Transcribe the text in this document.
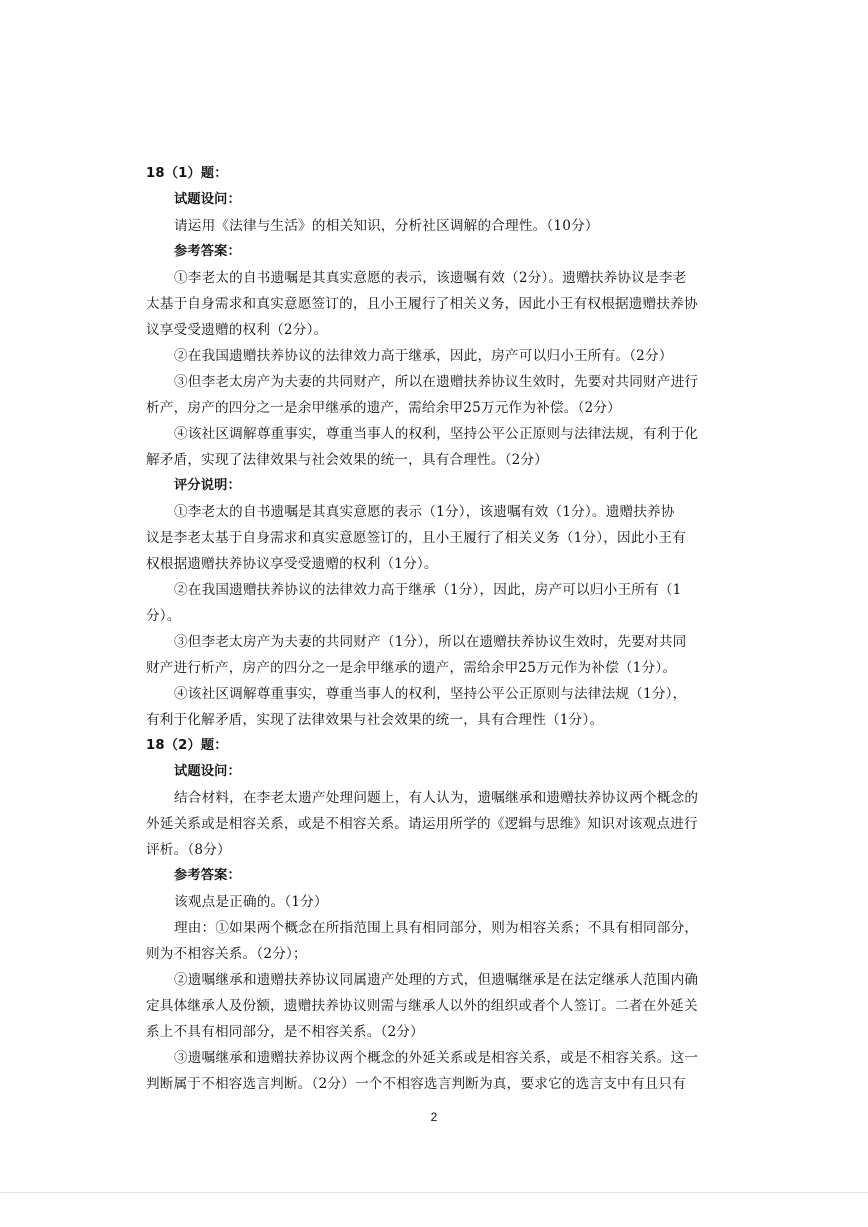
18（1）题：
试题设问：
请运用《法律与生活》的相关知识，分析社区调解的合理性。（10分）
参考答案：
①李老太的自书遗嘱是其真实意愿的表示，该遗嘱有效（2分）。遗赠扶养协议是李老
太基于自身需求和真实意愿签订的，且小王履行了相关义务，因此小王有权根据遗赠扶养协
议享受受遗赠的权利（2分）。
②在我国遗赠扶养协议的法律效力高于继承，因此，房产可以归小王所有。（2分）
③但李老太房产为夫妻的共同财产，所以在遗赠扶养协议生效时，先要对共同财产进行
析产，房产的四分之一是余甲继承的遗产，需给余甲25万元作为补偿。（2分）
④该社区调解尊重事实，尊重当事人的权利，坚持公平公正原则与法律法规，有利于化
解矛盾，实现了法律效果与社会效果的统一，具有合理性。（2分）
评分说明：
①李老太的自书遗嘱是其真实意愿的表示（1分），该遗嘱有效（1分）。遗赠扶养协
议是李老太基于自身需求和真实意愿签订的，且小王履行了相关义务（1分），因此小王有
权根据遗赠扶养协议享受受遗赠的权利（1分）。
②在我国遗赠扶养协议的法律效力高于继承（1分），因此，房产可以归小王所有（1
分）。
③但李老太房产为夫妻的共同财产（1分），所以在遗赠扶养协议生效时，先要对共同
财产进行析产，房产的四分之一是余甲继承的遗产，需给余甲25万元作为补偿（1分）。
④该社区调解尊重事实，尊重当事人的权利，坚持公平公正原则与法律法规（1分），
有利于化解矛盾，实现了法律效果与社会效果的统一，具有合理性（1分）。
18（2）题：
试题设问：
结合材料，在李老太遗产处理问题上，有人认为，遗嘱继承和遗赠扶养协议两个概念的
外延关系或是相容关系，或是不相容关系。请运用所学的《逻辑与思维》知识对该观点进行
评析。（8分）
参考答案：
该观点是正确的。（1分）
理由：①如果两个概念在所指范围上具有相同部分，则为相容关系；不具有相同部分，
则为不相容关系。（2分）；
②遗嘱继承和遗赠扶养协议同属遗产处理的方式，但遗嘱继承是在法定继承人范围内确
定具体继承人及份额，遗赠扶养协议则需与继承人以外的组织或者个人签订。二者在外延关
系上不具有相同部分，是不相容关系。（2分）
③遗嘱继承和遗赠扶养协议两个概念的外延关系或是相容关系，或是不相容关系。这一
判断属于不相容选言判断。（2分）一个不相容选言判断为真，要求它的选言支中有且只有
2
